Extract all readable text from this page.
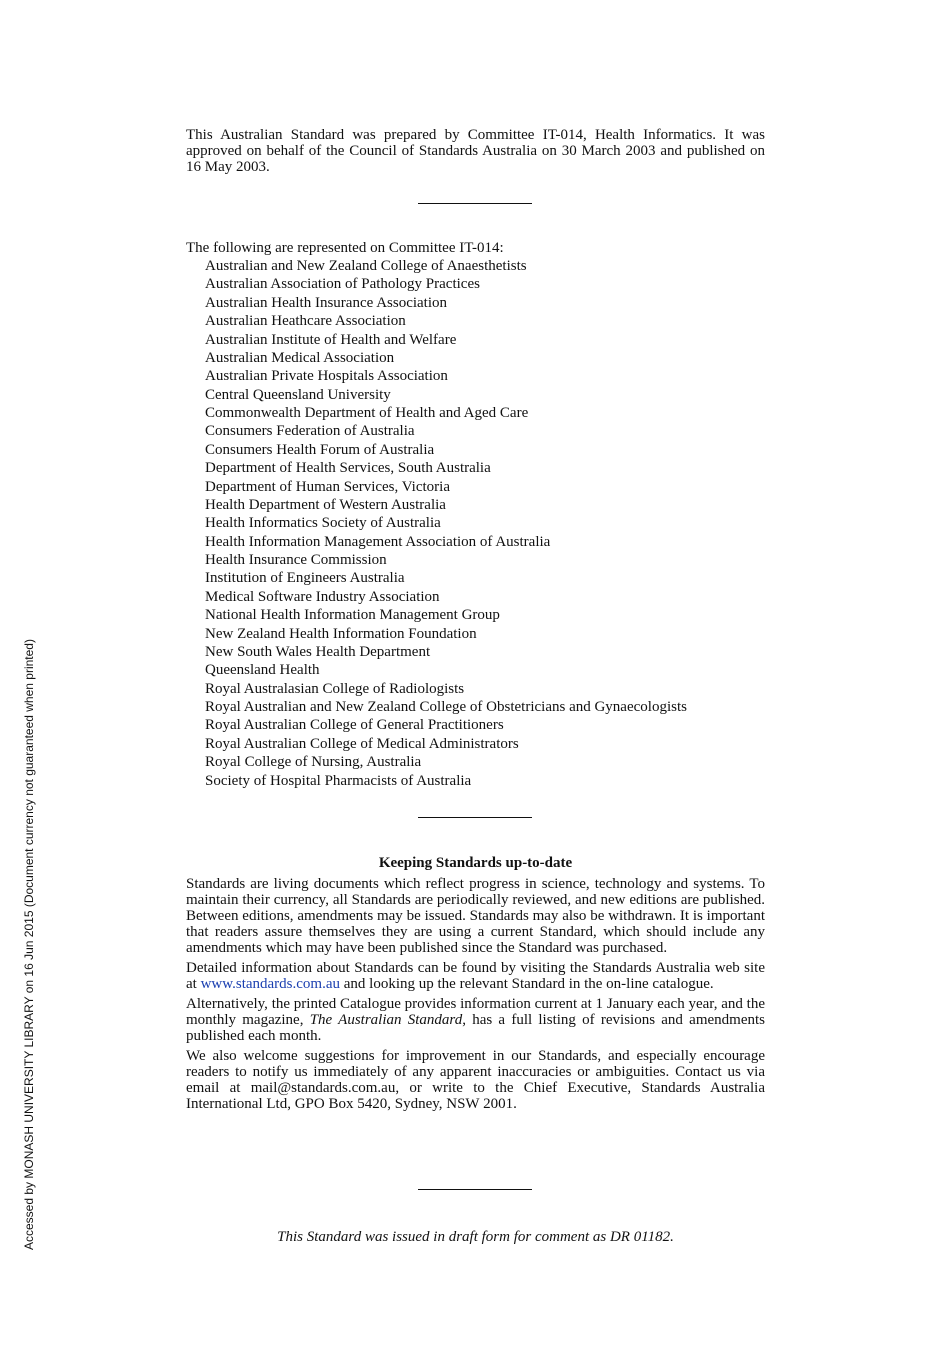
Accessed by MONASH UNIVERSITY LIBRARY on 16 Jun 2015 (Document currency not guaranteed when printed)

This Australian Standard was prepared by Committee IT-014, Health Informatics. It was approved on behalf of the Council of Standards Australia on 30 March 2003 and published on 16 May 2003.

The following are represented on Committee IT-014:
Australian and New Zealand College of Anaesthetists
Australian Association of Pathology Practices
Australian Health Insurance Association
Australian Heathcare Association
Australian Institute of Health and Welfare
Australian Medical Association
Australian Private Hospitals Association
Central Queensland University
Commonwealth Department of Health and Aged Care
Consumers Federation of Australia
Consumers Health Forum of Australia
Department of Health Services, South Australia
Department of Human Services, Victoria
Health Department of Western Australia
Health Informatics Society of Australia
Health Information Management Association of Australia
Health Insurance Commission
Institution of Engineers Australia
Medical Software Industry Association
National Health Information Management Group
New Zealand Health Information Foundation
New South Wales Health Department
Queensland Health
Royal Australasian College of Radiologists
Royal Australian and New Zealand College of Obstetricians and Gynaecologists
Royal Australian College of General Practitioners
Royal Australian College of Medical Administrators
Royal College of Nursing, Australia
Society of Hospital Pharmacists of Australia
Keeping Standards up-to-date

Standards are living documents which reflect progress in science, technology and systems. To maintain their currency, all Standards are periodically reviewed, and new editions are published. Between editions, amendments may be issued. Standards may also be withdrawn. It is important that readers assure themselves they are using a current Standard, which should include any amendments which may have been published since the Standard was purchased.

Detailed information about Standards can be found by visiting the Standards Australia web site at www.standards.com.au and looking up the relevant Standard in the on-line catalogue.

Alternatively, the printed Catalogue provides information current at 1 January each year, and the monthly magazine, The Australian Standard, has a full listing of revisions and amendments published each month.

We also welcome suggestions for improvement in our Standards, and especially encourage readers to notify us immediately of any apparent inaccuracies or ambiguities. Contact us via email at mail@standards.com.au, or write to the Chief Executive, Standards Australia International Ltd, GPO Box 5420, Sydney, NSW 2001.

This Standard was issued in draft form for comment as DR 01182.
